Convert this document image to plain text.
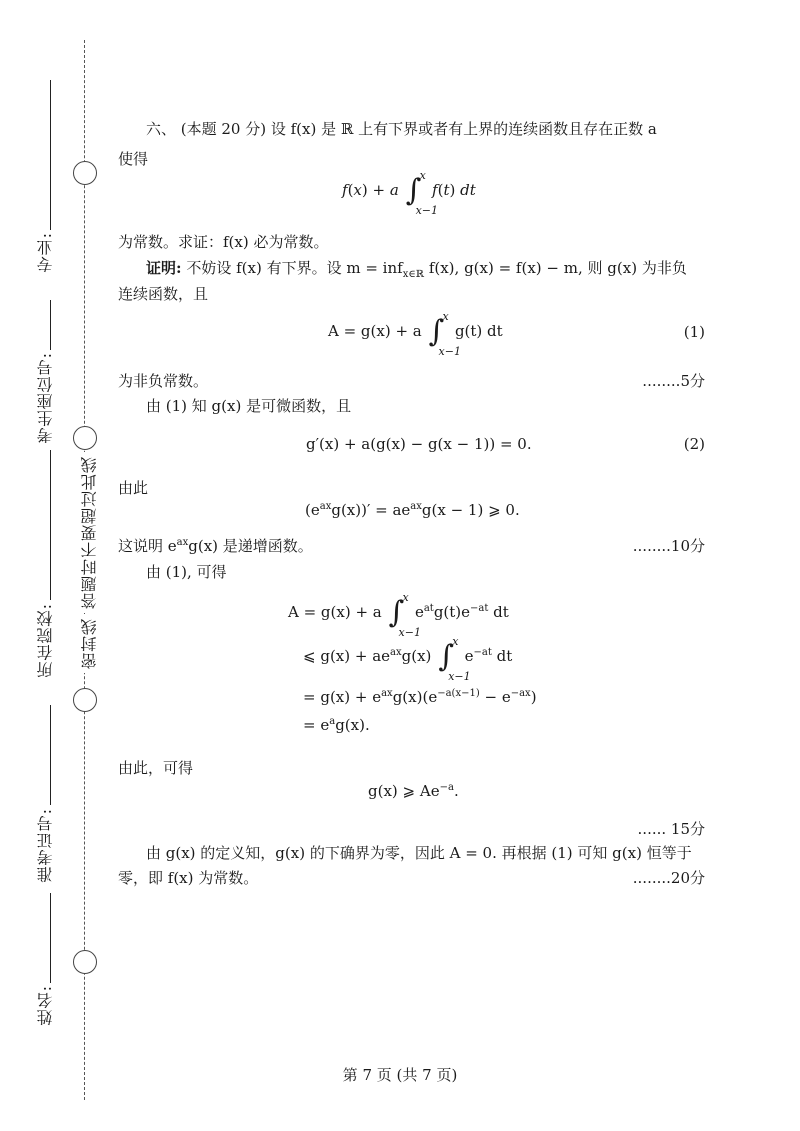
专业:
考生座位号:
所在院校:
准考证号:
姓名:
密封线
答题时不要超过此线
六、 (本题 20 分) 设 f(x) 是 ℝ 上有下界或者有上界的连续函数且存在正数 a
使得
f(x) + a ∫
x
x−1
f(t) dt
为常数。求证：f(x) 必为常数。
证明: 不妨设 f(x) 有下界。设 m = inf$_{x\in ℝ}$ f(x), g(x) = f(x) − m, 则 g(x) 为非负
连续函数，且
A = g(x) + a ∫
x
x−1
g(t) dt	(1)
为非负常数。	........5分
由 (1) 知 g(x) 是可微函数，且
g′(x) + a(g(x) − g(x − 1)) = 0.	(2)
由此
$(e^{ax}g(x))' = ae^{ax}g(x - 1)$ ⩾ 0.
这说明 $e^{ax}g(x)$ 是递增函数。	........10分
由 (1), 可得
A = g(x) + a ∫
x
x−1
$e^{at}g(t)e^{-at}$ dt
⩽ $g(x) + ae^{ax}g(x)$ ∫
x
x−1
$e^{-at}$ dt
= $g(x) + e^{ax}g(x)(e^{-a(x-1)} - e^{-ax})$
= $e^ag(x)$.
由此，可得
g(x) ⩾ $Ae^{-a}$.
...... 15分
由 g(x) 的定义知，g(x) 的下确界为零，因此 A = 0. 再根据 (1) 可知 g(x) 恒等于
零，即 f(x) 为常数。	........20分
第 7 页 (共 7 页)
